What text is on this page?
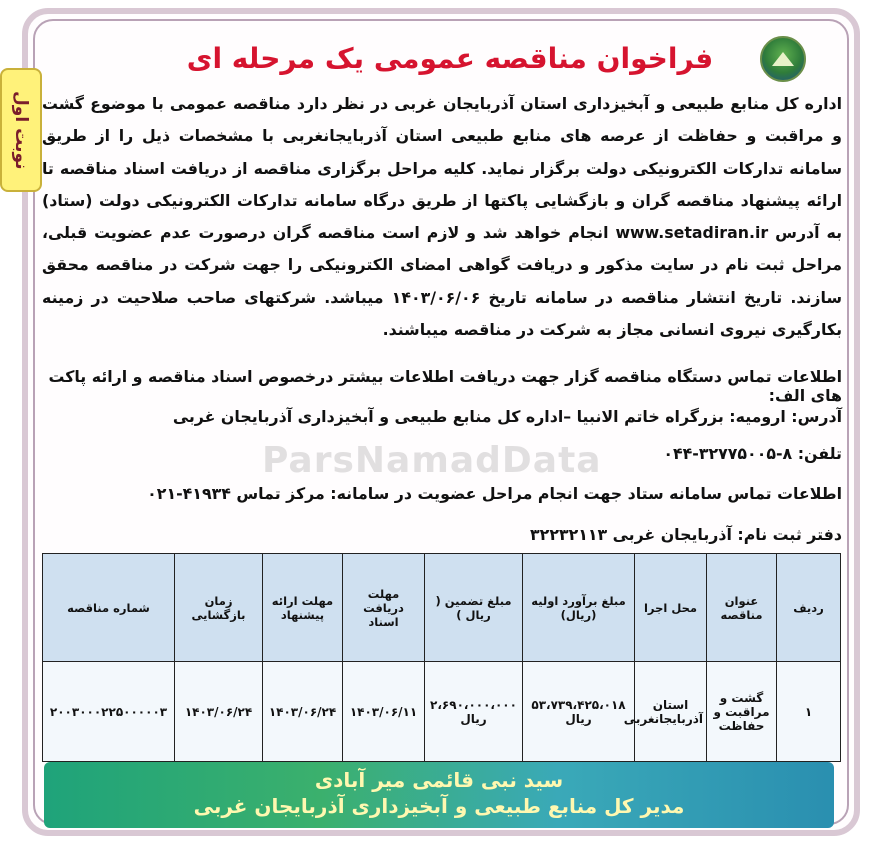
نوبت اول
فراخوان مناقصه عمومی یک مرحله ای

اداره کل منابع طبیعی و آبخیزداری استان آذربایجان غربی در نظر دارد مناقصه عمومی با موضوع گشت و مراقبت و حفاظت از عرصه های منابع طبیعی استان آذربایجانغربی با مشخصات ذیل را از طریق سامانه تدارکات الکترونیکی دولت برگزار نماید. کلیه مراحل برگزاری مناقصه از دریافت اسناد مناقصه تا ارائه پیشنهاد مناقصه گران و بازگشایی پاکتها از طریق درگاه سامانه تدارکات الکترونیکی دولت (ستاد) به آدرس www.setadiran.ir انجام خواهد شد و لازم است مناقصه گران درصورت عدم عضویت قبلی، مراحل ثبت نام در سایت مذکور و دریافت گواهی امضای الکترونیکی را جهت شرکت در مناقصه محقق سازند. تاریخ انتشار مناقصه در سامانه تاریخ ۱۴۰۳/۰۶/۰۶ میباشد. شرکتهای صاحب صلاحیت در زمینه بکارگیری نیروی انسانی مجاز به شرکت در مناقصه میباشند.

اطلاعات تماس دستگاه مناقصه گزار جهت دریافت اطلاعات بیشتر درخصوص اسناد مناقصه و ارائه پاکت های الف:
آدرس: ارومیه: بزرگراه خاتم الانبیا –اداره کل منابع طبیعی و آبخیزداری آذربایجان غربی
تلفن: ۸-۳۲۷۷۵۰۰۵-۰۴۴
اطلاعات تماس سامانه ستاد جهت انجام مراحل عضویت در سامانه: مرکز تماس ۴۱۹۳۴-۰۲۱
دفتر ثبت نام: آذربایجان غربی ۳۲۲۳۲۱۱۳
ParsNamadData
ردیف	عنوان مناقصه	محل اجرا	مبلغ برآورد اولیه (ریال)	مبلغ تضمین ( ریال )	مهلت دریافت اسناد	مهلت ارائه پیشنهاد	زمان بازگشایی	شماره مناقصه
۱	گشت و مراقبت و حفاظت	استان آذربایجانغربی	۵۳،۷۳۹،۴۲۵،۰۱۸ ریال	۲،۶۹۰،۰۰۰،۰۰۰ ریال	۱۴۰۳/۰۶/۱۱	۱۴۰۳/۰۶/۲۴	۱۴۰۳/۰۶/۲۴	۲۰۰۳۰۰۰۲۲۵۰۰۰۰۰۳
سید نبی قائمی میر آبادی
مدیر کل منابع طبیعی و آبخیزداری آذربایجان غربی
